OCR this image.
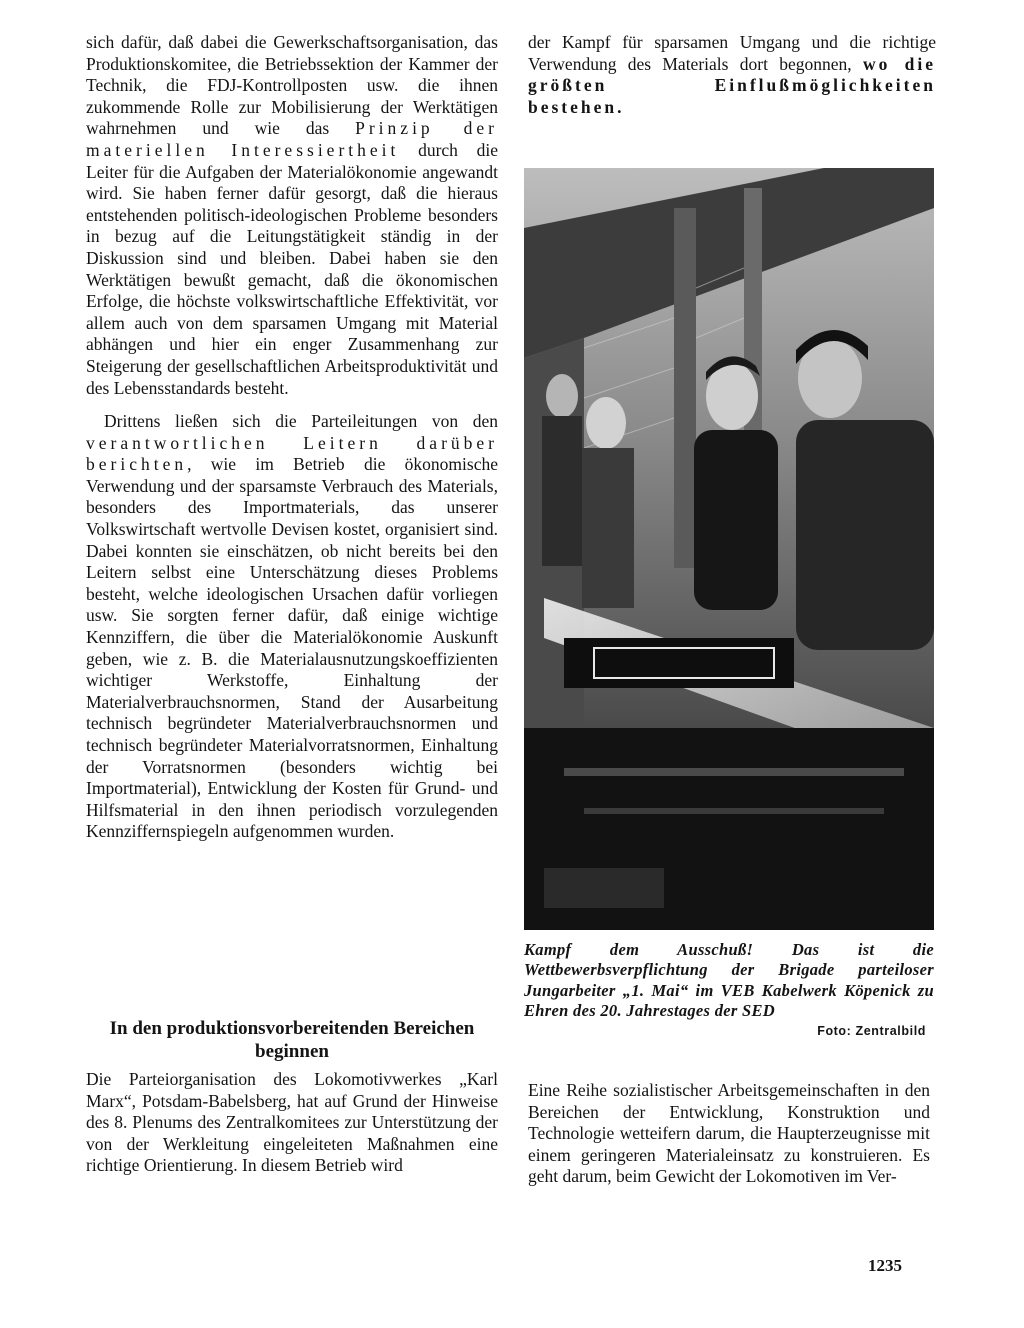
sich dafür, daß dabei die Gewerkschaftsorganisation, das Produktionskomitee, die Betriebssektion der Kammer der Technik, die FDJ-Kontrollposten usw. die ihnen zukommende Rolle zur Mobilisierung der Werktätigen wahrnehmen und wie das Prinzip der materiellen Interessiertheit durch die Leiter für die Aufgaben der Materialökonomie angewandt wird. Sie haben ferner dafür gesorgt, daß die hieraus entstehenden politisch-ideologischen Probleme besonders in bezug auf die Leitungstätigkeit ständig in der Diskussion sind und bleiben. Dabei haben sie den Werktätigen bewußt gemacht, daß die ökonomischen Erfolge, die höchste volkswirtschaftliche Effektivität, vor allem auch von dem sparsamen Umgang mit Material abhängen und hier ein enger Zusammenhang zur Steigerung der gesellschaftlichen Arbeitsproduktivität und des Lebensstandards besteht.

Drittens ließen sich die Parteileitungen von den verantwortlichen Leitern darüber berichten, wie im Betrieb die ökonomische Verwendung und der sparsamste Verbrauch des Materials, besonders des Importmaterials, das unserer Volkswirtschaft wertvolle Devisen kostet, organisiert sind. Dabei konnten sie einschätzen, ob nicht bereits bei den Leitern selbst eine Unterschätzung dieses Problems besteht, welche ideologischen Ursachen dafür vorliegen usw. Sie sorgten ferner dafür, daß einige wichtige Kennziffern, die über die Materialökonomie Auskunft geben, wie z. B. die Materialausnutzungskoeffizienten wichtiger Werkstoffe, Einhaltung der Materialverbrauchsnormen, Stand der Ausarbeitung technisch begründeter Materialverbrauchsnormen und technisch begründeter Materialvorratsnormen, Einhaltung der Vorratsnormen (besonders wichtig bei Importmaterial), Entwicklung der Kosten für Grund- und Hilfsmaterial in den ihnen periodisch vorzulegenden Kennziffernspiegeln aufgenommen wurden.

In den produktionsvorbereitenden Bereichen beginnen

Die Parteiorganisation des Lokomotivwerkes „Karl Marx“, Potsdam-Babelsberg, hat auf Grund der Hinweise des 8. Plenums des Zentralkomitees zur Unterstützung der von der Werkleitung eingeleiteten Maßnahmen eine richtige Orientierung. In diesem Betrieb wird

der Kampf für sparsamen Umgang und die richtige Verwendung des Materials dort begonnen, wo die größten Einflußmöglichkeiten bestehen.

Kampf dem Ausschuß! Das ist die Wettbewerbsverpflichtung der Brigade parteiloser Jungarbeiter „1. Mai“ im VEB Kabelwerk Köpenick zu Ehren des 20. Jahrestages der SED
Foto: Zentralbild

Eine Reihe sozialistischer Arbeitsgemeinschaften in den Bereichen der Entwicklung, Konstruktion und Technologie wetteifern darum, die Haupterzeugnisse mit einem geringeren Materialeinsatz zu konstruieren. Es geht darum, beim Gewicht der Lokomotiven im Ver-

1235
